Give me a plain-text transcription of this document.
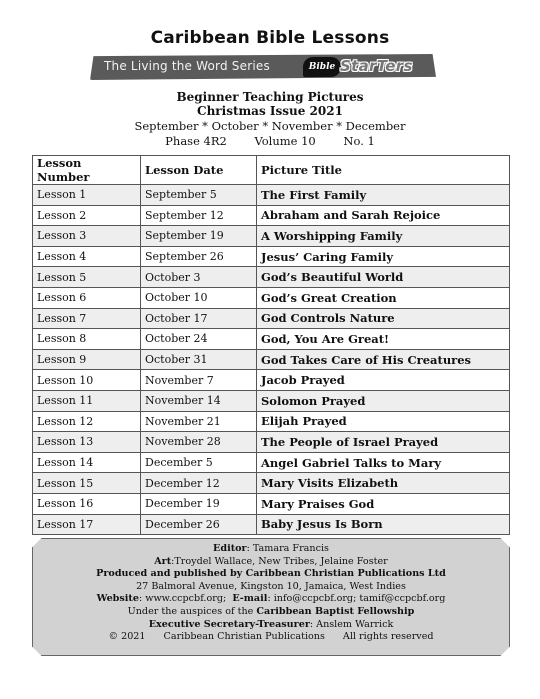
Caribbean Bible Lessons
The Living the Word Series	Bible StarTers
Beginner Teaching Pictures
Christmas Issue 2021
September * October * November * December
Phase 4R2 Volume 10 No. 1
Lesson Number	Lesson Date	Picture Title
Lesson 1	September 5	The First Family
Lesson 2	September 12	Abraham and Sarah Rejoice
Lesson 3	September 19	A Worshipping Family
Lesson 4	September 26	Jesus’ Caring Family
Lesson 5	October 3	God’s Beautiful World
Lesson 6	October 10	God’s Great Creation
Lesson 7	October 17	God Controls Nature
Lesson 8	October 24	God, You Are Great!
Lesson 9	October 31	God Takes Care of His Creatures
Lesson 10	November 7	Jacob Prayed
Lesson 11	November 14	Solomon Prayed
Lesson 12	November 21	Elijah Prayed
Lesson 13	November 28	The People of Israel Prayed
Lesson 14	December 5	Angel Gabriel Talks to Mary
Lesson 15	December 12	Mary Visits Elizabeth
Lesson 16	December 19	Mary Praises God
Lesson 17	December 26	Baby Jesus Is Born
Editor: Tamara Francis
Art:Troydel Wallace, New Tribes, Jelaine Foster
Produced and published by Caribbean Christian Publications Ltd
27 Balmoral Avenue, Kingston 10, Jamaica, West Indies
Website: www.ccpcbf.org; E-mail: info@ccpcbf.org; tamif@ccpcbf.org
Under the auspices of the Caribbean Baptist Fellowship
Executive Secretary-Treasurer: Anslem Warrick
© 2021 Caribbean Christian Publications All rights reserved
